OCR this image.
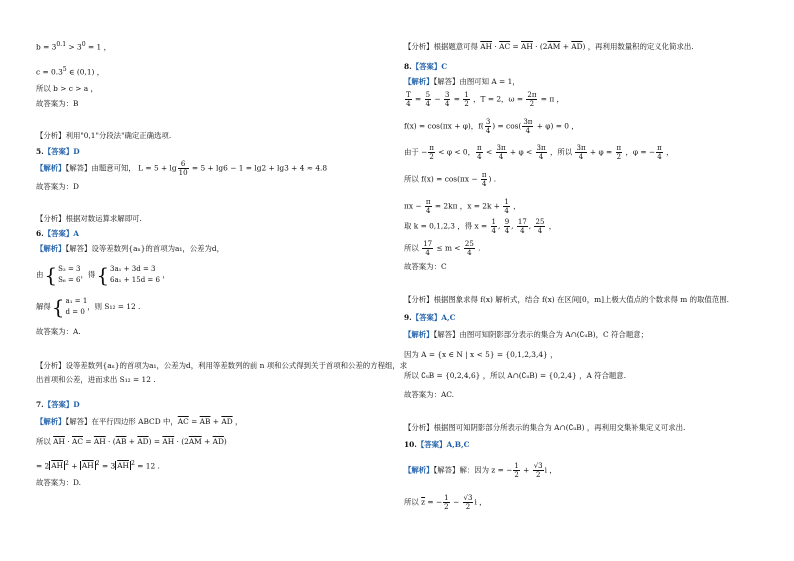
$b = 3^{0.1} > 3^0 = 1$ ，
$c = 0.3^5$ ∈ (0,1) ，
所以 b > c > a ，
故答案为：B
【分析】利用"0,1"分段法"确定正确选项.
5.【答案】D
【解析】【解答】由题意可知， $L = 5 + \lg \frac{6}{10} = 5 + \lg 6 - 1 = \lg 2 + \lg 3 + 4 \approx 4.8$
故答案为：D
【分析】根据对数运算求解即可.
6.【答案】A
【解析】【解答】设等差数列{aₙ}的首项为a₁，公差为d，
由{S₃ = 3
S₆ = 6，得{3a₁ + 3d = 3
6a₁ + 15d = 6 ，
解得{a₁ = 1
d = 0，则 S₁₂ = 12 .
故答案为：A.
【分析】设等差数列{aₙ}的首项为a₁，公差为d，利用等差数列的前 n 项和公式得到关于首项和公差的方程组，求出首项和公差，进而求出 S₁₂ = 12 .
7.【答案】D
【解析】【解答】在平行四边形 ABCD 中，$\overline{AC} = \overline{AB} + \overline{AD}$ ，
所以 $\overline{AH} \cdot \overline{AC} = \overline{AH} \cdot (\overline{AB} + \overline{AD}) = \overline{AH} \cdot (2\overline{AM} + \overline{AD})$
= 2 $\overline{AH}$ $^2 + \overline{AH}$ $^2$ = 3 $\overline{AH}$ $^2$ = 12 .
故答案为：D.
【分析】根据题意可得 $\overline{AH} \cdot \overline{AC} = \overline{AH} \cdot (2\overline{AM} + \overline{AD})$ ，再利用数量积的定义化简求出.
8.【答案】C
【解析】【解答】由图可知 A = 1，
$\frac{T}{4} = \frac{5}{4} - \frac{3}{4} = \frac{1}{2}$ ，T = 2，$\omega = \frac{2\pi}{2} = \pi$ ，
f(x) = cos(πx + φ)，$f( \frac{3}{4}$ ) = $\cos( \frac{3\pi}{4} + \varphi) = 0$ ，
由于 − $\frac{\pi}{2} < \varphi < 0$， $\frac{\pi}{4} < \frac{3\pi}{4} + \varphi < \frac{3\pi}{4}$ ，所以 $\frac{3\pi}{4} + \varphi = \frac{\pi}{2}$ ，φ = − $\frac{\pi}{4}$ ，
所以 $f(x) = \cos(\pi x - \frac{\pi}{4}$ ) .
$\pi x - \frac{\pi}{4} = 2k\pi$ ，$x = 2k + \frac{1}{4}$ ，
取 k = 0,1,2,3 ，得 $x = \frac{1}{4}$ , $\frac{9}{4}$ , $\frac{17}{4}$ , $\frac{25}{4}$ ，
所以 $\frac{17}{4} \le m < \frac{25}{4}$ .
故答案为：C
【分析】根据图象求得 f(x) 解析式，结合 f(x) 在区间[0，m]上极大值点的个数求得 m 的取值范围.
9.【答案】A,C
【解析】【解答】由图可知阴影部分表示的集合为 A∩(∁ᵤB)，C 符合题意；
因为 A = {x ∈ N | x < 5} = {0,1,2,3,4} ，
所以 ∁ᵤB = {0,2,4,6} ，所以 A∩(∁ᵤB) = {0,2,4} ，A 符合题意.
故答案为：AC.
【分析】根据图可知阴影部分所表示的集合为 A∩(∁ᵤB) ，再利用交集补集定义可求出.
10.【答案】A,B,C
【解析】【解答】解：因为 z = − $\frac{1}{2} + \frac{√3}{2}$ i ，
所以 $\overline{z}$ = − $\frac{1}{2} - \frac{√3}{2}$ i ，
